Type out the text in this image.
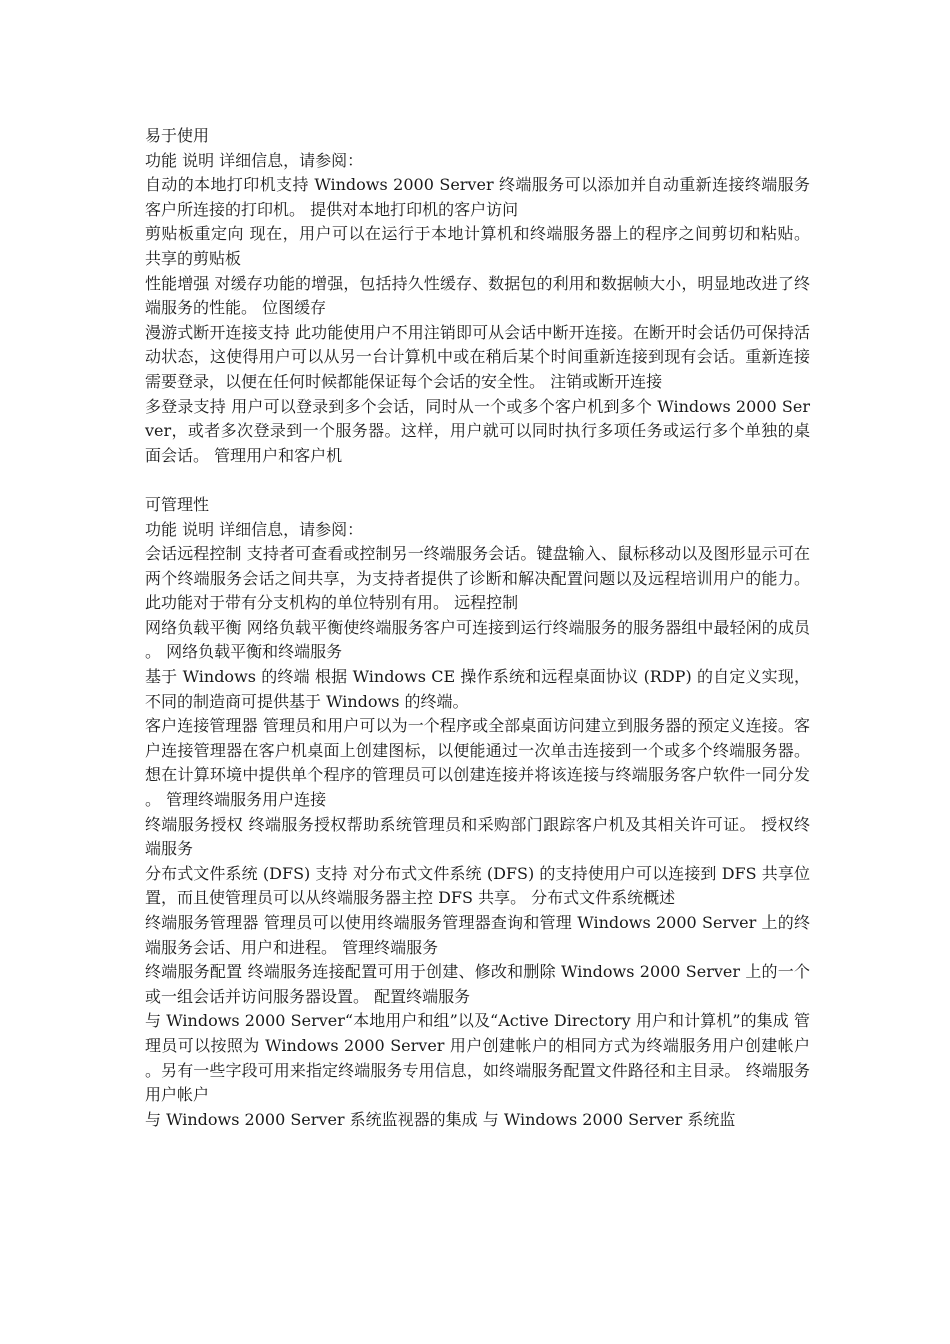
易于使用

功能 说明 详细信息，请参阅：

自动的本地打印机支持 Windows 2000 Server 终端服务可以添加并自动重新连接终端服务客户所连接的打印机。 提供对本地打印机的客户访问

剪贴板重定向 现在，用户可以在运行于本地计算机和终端服务器上的程序之间剪切和粘贴。 共享的剪贴板

性能增强 对缓存功能的增强，包括持久性缓存、数据包的利用和数据帧大小，明显地改进了终端服务的性能。 位图缓存

漫游式断开连接支持 此功能使用户不用注销即可从会话中断开连接。在断开时会话仍可保持活动状态，这使得用户可以从另一台计算机中或在稍后某个时间重新连接到现有会话。重新连接需要登录，以便在任何时候都能保证每个会话的安全性。 注销或断开连接

多登录支持 用户可以登录到多个会话，同时从一个或多个客户机到多个 Windows 2000 Server，或者多次登录到一个服务器。这样，用户就可以同时执行多项任务或运行多个单独的桌面会话。 管理用户和客户机

可管理性

功能 说明 详细信息，请参阅：

会话远程控制 支持者可查看或控制另一终端服务会话。键盘输入、鼠标移动以及图形显示可在两个终端服务会话之间共享，为支持者提供了诊断和解决配置问题以及远程培训用户的能力。此功能对于带有分支机构的单位特别有用。 远程控制

网络负载平衡 网络负载平衡使终端服务客户可连接到运行终端服务的服务器组中最轻闲的成员。 网络负载平衡和终端服务

基于 Windows 的终端 根据 Windows CE 操作系统和远程桌面协议 (RDP) 的自定义实现，不同的制造商可提供基于 Windows 的终端。

客户连接管理器 管理员和用户可以为一个程序或全部桌面访问建立到服务器的预定义连接。客户连接管理器在客户机桌面上创建图标，以便能通过一次单击连接到一个或多个终端服务器。想在计算环境中提供单个程序的管理员可以创建连接并将该连接与终端服务客户软件一同分发。 管理终端服务用户连接

终端服务授权 终端服务授权帮助系统管理员和采购部门跟踪客户机及其相关许可证。 授权终端服务

分布式文件系统 (DFS) 支持 对分布式文件系统 (DFS) 的支持使用户可以连接到 DFS 共享位置，而且使管理员可以从终端服务器主控 DFS 共享。 分布式文件系统概述

终端服务管理器 管理员可以使用终端服务管理器查询和管理 Windows 2000 Server 上的终端服务会话、用户和进程。 管理终端服务

终端服务配置 终端服务连接配置可用于创建、修改和删除 Windows 2000 Server 上的一个或一组会话并访问服务器设置。 配置终端服务

与 Windows 2000 Server“本地用户和组”以及“Active Directory 用户和计算机”的集成 管理员可以按照为 Windows 2000 Server 用户创建帐户的相同方式为终端服务用户创建帐户。另有一些字段可用来指定终端服务专用信息，如终端服务配置文件路径和主目录。 终端服务用户帐户

与 Windows 2000 Server 系统监视器的集成 与 Windows 2000 Server 系统监
